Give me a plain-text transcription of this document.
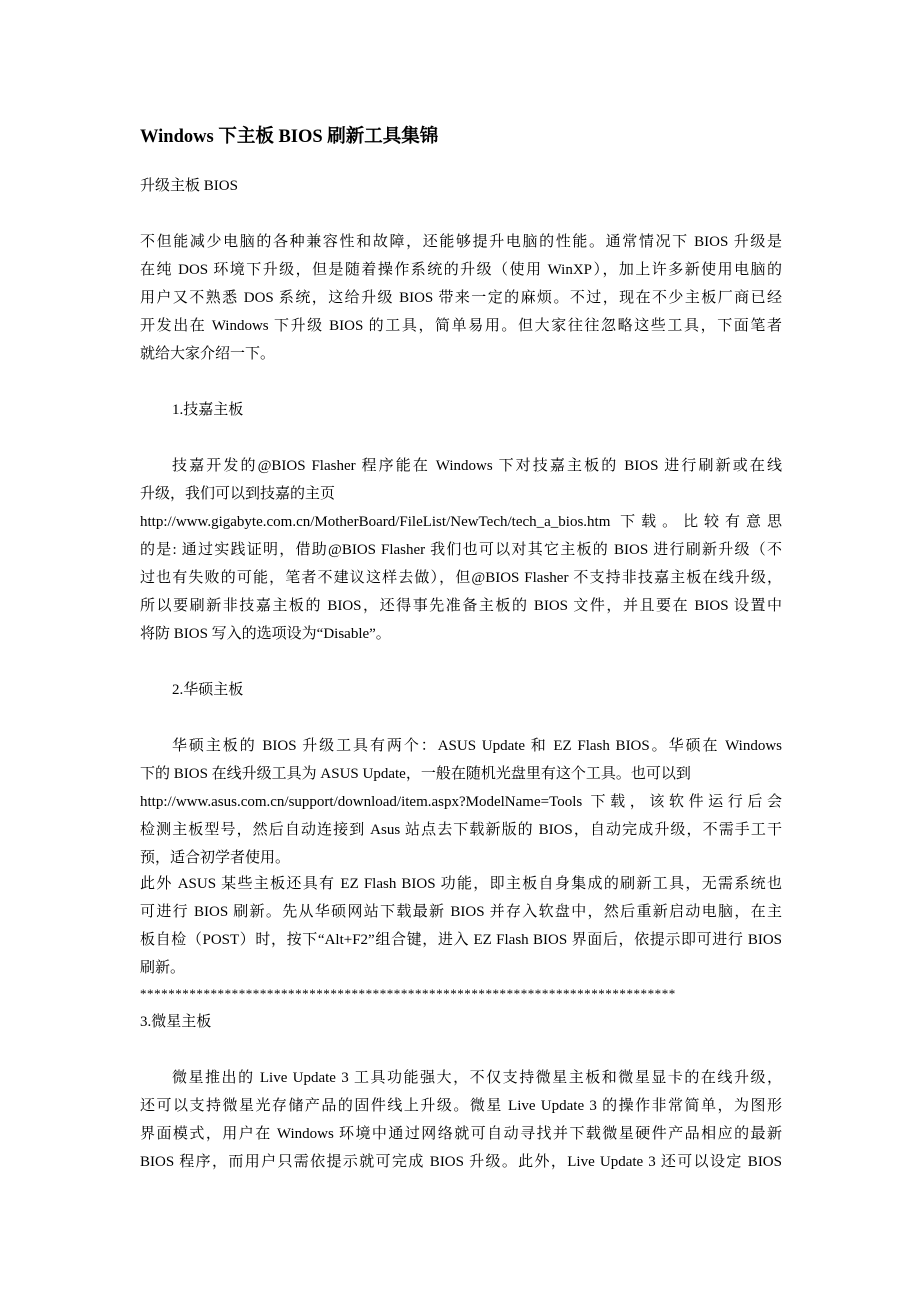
Windows 下主板 BIOS 刷新工具集锦
升级主板 BIOS
不但能减少电脑的各种兼容性和故障，还能够提升电脑的性能。通常情况下 BIOS 升级是
在纯 DOS 环境下升级，但是随着操作系统的升级（使用 WinXP），加上许多新使用电脑的
用户又不熟悉 DOS 系统，这给升级 BIOS 带来一定的麻烦。不过，现在不少主板厂商已经
开发出在 Windows 下升级 BIOS 的工具，简单易用。但大家往往忽略这些工具，下面笔者
就给大家介绍一下。
1.技嘉主板
技嘉开发的@BIOS Flasher 程序能在 Windows 下对技嘉主板的 BIOS 进行刷新或在线
升级，我们可以到技嘉的主页
http://www.gigabyte.com.cn/MotherBoard/FileList/NewTech/tech_a_bios.htm 下载。比较有意思
的是: 通过实践证明，借助@BIOS Flasher 我们也可以对其它主板的 BIOS 进行刷新升级（不
过也有失败的可能，笔者不建议这样去做），但@BIOS Flasher 不支持非技嘉主板在线升级，
所以要刷新非技嘉主板的 BIOS，还得事先准备主板的 BIOS 文件，并且要在 BIOS 设置中
将防 BIOS 写入的选项设为“Disable”。
2.华硕主板
华硕主板的 BIOS 升级工具有两个：ASUS Update 和 EZ Flash BIOS。华硕在 Windows
下的 BIOS 在线升级工具为 ASUS Update，一般在随机光盘里有这个工具。也可以到
http://www.asus.com.cn/support/download/item.aspx?ModelName=Tools 下载，该软件运行后会
检测主板型号，然后自动连接到 Asus 站点去下载新版的 BIOS，自动完成升级，不需手工干
预，适合初学者使用。
此外 ASUS 某些主板还具有 EZ Flash BIOS 功能，即主板自身集成的刷新工具，无需系统也
可进行 BIOS 刷新。先从华硕网站下载最新 BIOS 并存入软盘中，然后重新启动电脑，在主
板自检（POST）时，按下“Alt+F2”组合键，进入 EZ Flash BIOS 界面后，依提示即可进行 BIOS
刷新。
****************************************************************************
3.微星主板
微星推出的 Live Update 3 工具功能强大，不仅支持微星主板和微星显卡的在线升级，
还可以支持微星光存储产品的固件线上升级。微星 Live Update 3 的操作非常简单，为图形
界面模式，用户在 Windows 环境中通过网络就可自动寻找并下载微星硬件产品相应的最新
BIOS 程序，而用户只需依提示就可完成 BIOS 升级。此外，Live Update 3 还可以设定 BIOS
